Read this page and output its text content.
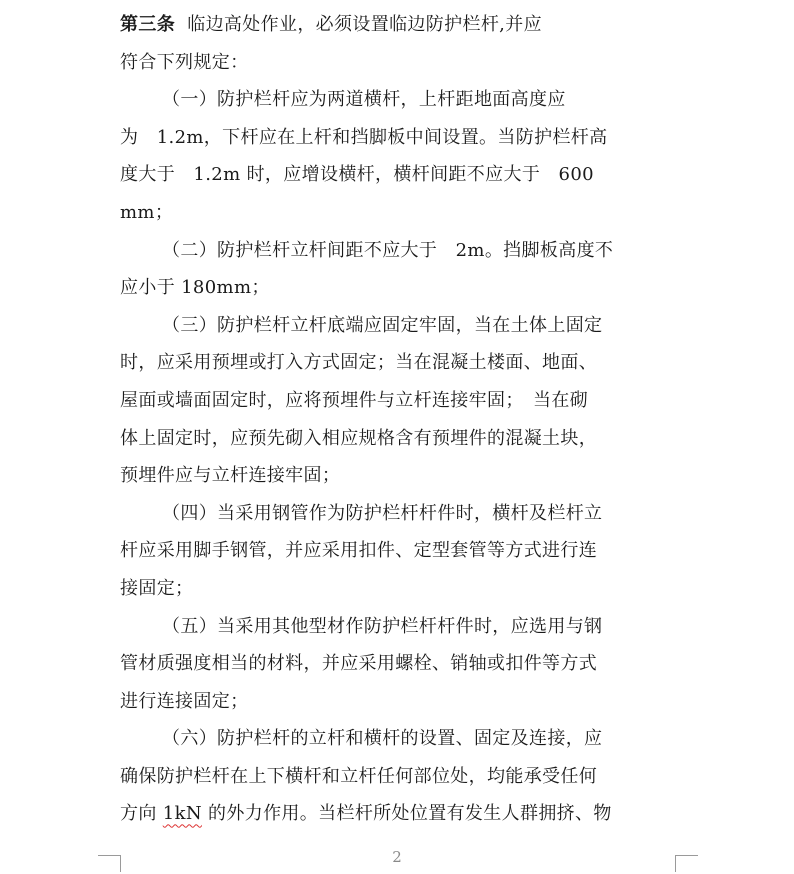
第三条 临边高处作业，必须设置临边防护栏杆,并应
符合下列规定：
（一）防护栏杆应为两道横杆，上杆距地面高度应
为　1.2m，下杆应在上杆和挡脚板中间设置。当防护栏杆高
度大于　1.2m 时，应增设横杆，横杆间距不应大于　600
mm；
（二）防护栏杆立杆间距不应大于　2m。挡脚板高度不
应小于 180mm；
（三）防护栏杆立杆底端应固定牢固，当在土体上固定
时，应采用预埋或打入方式固定；当在混凝土楼面、地面、
屋面或墙面固定时，应将预埋件与立杆连接牢固；　当在砌
体上固定时，应预先砌入相应规格含有预埋件的混凝土块，
预埋件应与立杆连接牢固；
（四）当采用钢管作为防护栏杆杆件时，横杆及栏杆立
杆应采用脚手钢管，并应采用扣件、定型套管等方式进行连
接固定；
（五）当采用其他型材作防护栏杆杆件时，应选用与钢
管材质强度相当的材料，并应采用螺栓、销轴或扣件等方式
进行连接固定；
（六）防护栏杆的立杆和横杆的设置、固定及连接，应
确保防护栏杆在上下横杆和立杆任何部位处，均能承受任何
方向 1kN 的外力作用。当栏杆所处位置有发生人群拥挤、物
2
